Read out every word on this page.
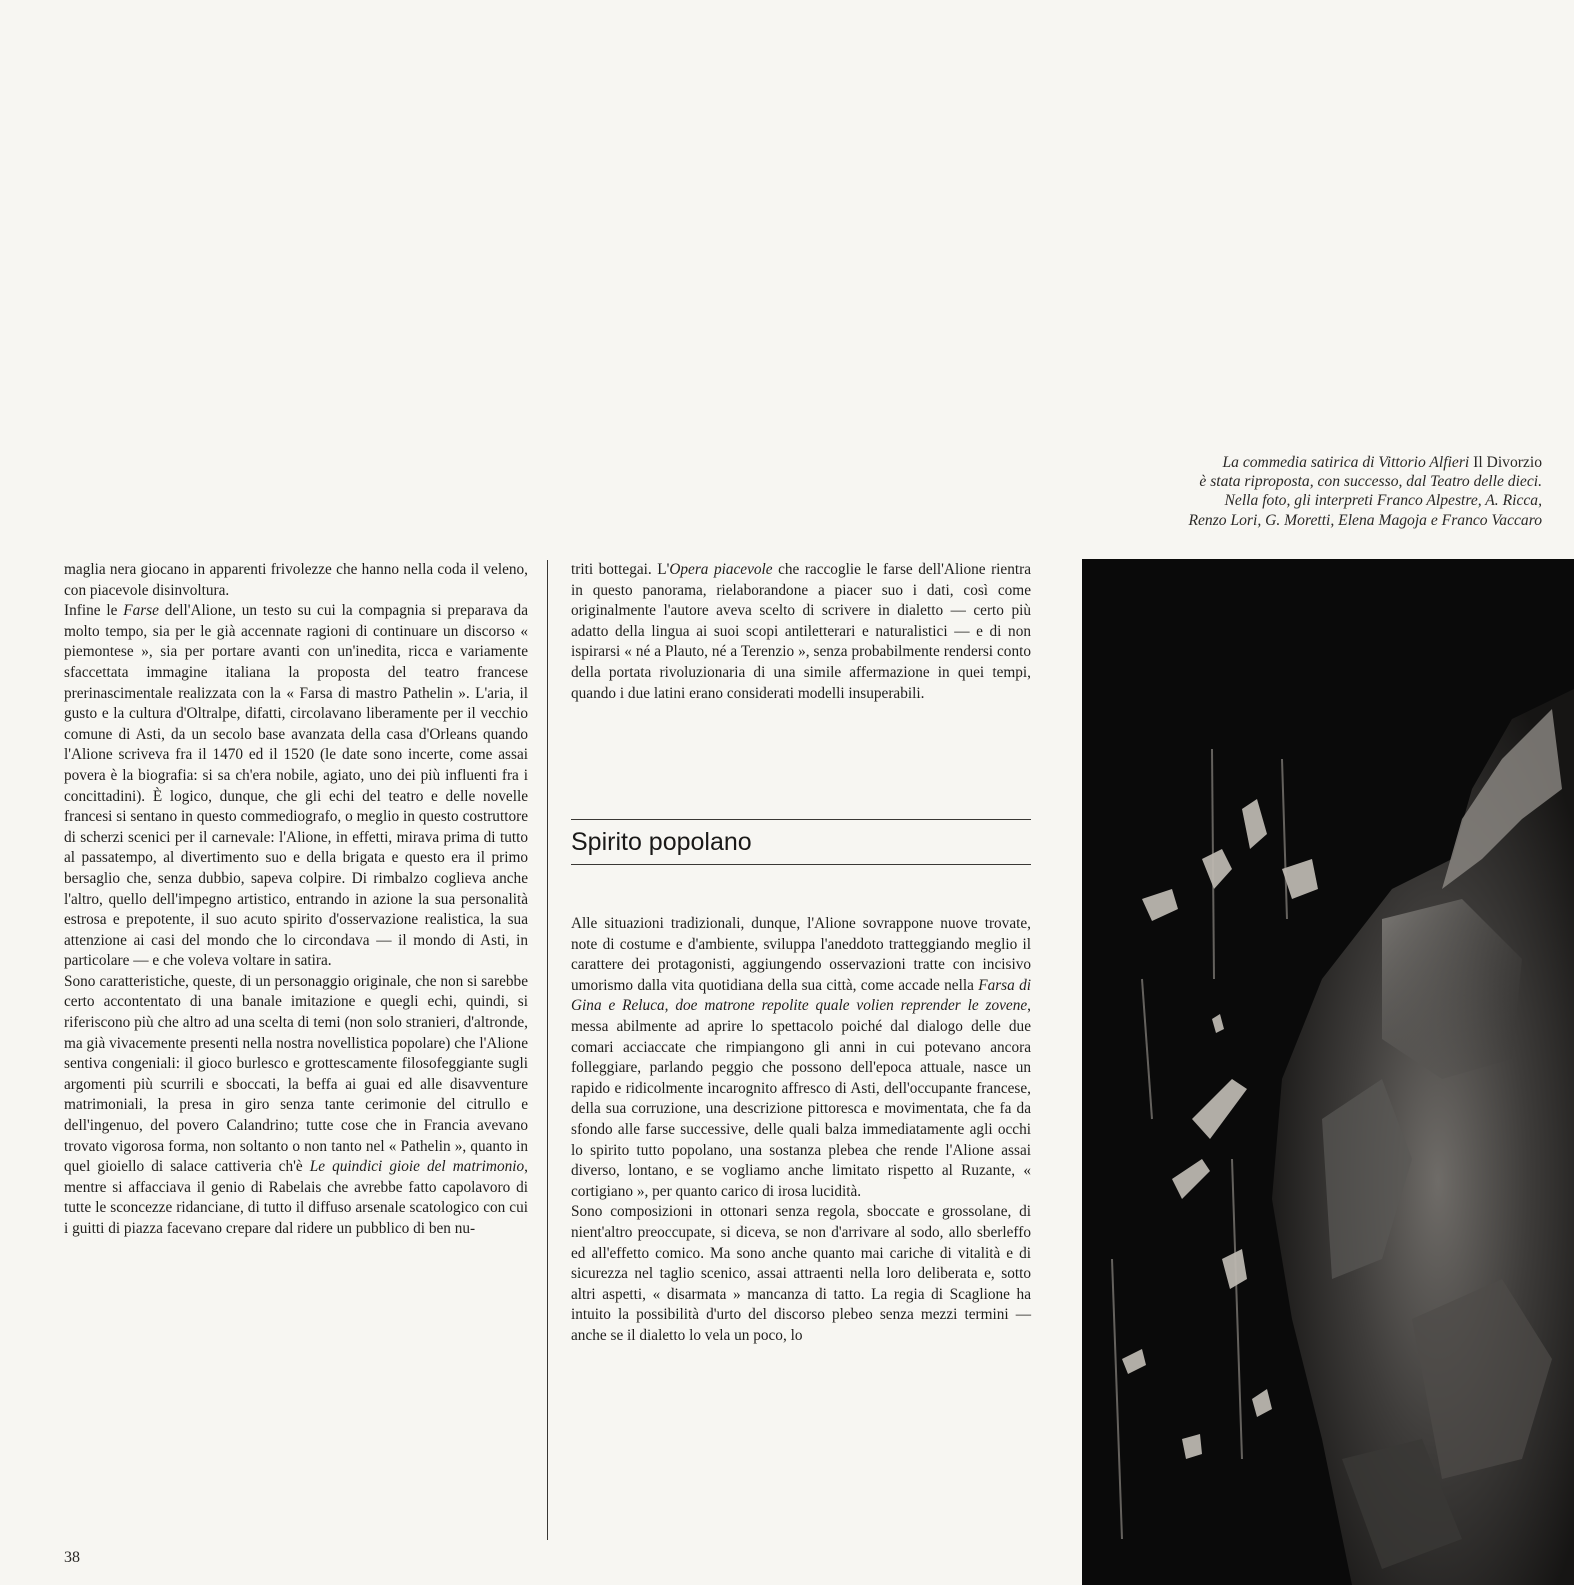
La commedia satirica di Vittorio Alfieri Il Divorzio
è stata riproposta, con successo, dal Teatro delle dieci.
Nella foto, gli interpreti Franco Alpestre, A. Ricca,
Renzo Lori, G. Moretti, Elena Magoja e Franco Vaccaro

maglia nera giocano in apparenti frivolezze che hanno nella coda il veleno, con piacevole disinvoltura.

Infine le Farse dell'Alione, un testo su cui la compagnia si preparava da molto tempo, sia per le già accennate ragioni di continuare un discorso « piemontese », sia per portare avanti con un'inedita, ricca e variamente sfaccettata immagine italiana la proposta del teatro francese prerinascimentale realizzata con la « Farsa di mastro Pathelin ». L'aria, il gusto e la cultura d'Oltralpe, difatti, circolavano liberamente per il vecchio comune di Asti, da un secolo base avanzata della casa d'Orleans quando l'Alione scriveva fra il 1470 ed il 1520 (le date sono incerte, come assai povera è la biografia: si sa ch'era nobile, agiato, uno dei più influenti fra i concittadini). È logico, dunque, che gli echi del teatro e delle novelle francesi si sentano in questo commediografo, o meglio in questo costruttore di scherzi scenici per il carnevale: l'Alione, in effetti, mirava prima di tutto al passatempo, al divertimento suo e della brigata e questo era il primo bersaglio che, senza dubbio, sapeva colpire. Di rimbalzo coglieva anche l'altro, quello dell'impegno artistico, entrando in azione la sua personalità estrosa e prepotente, il suo acuto spirito d'osservazione realistica, la sua attenzione ai casi del mondo che lo circondava — il mondo di Asti, in particolare — e che voleva voltare in satira.

Sono caratteristiche, queste, di un personaggio originale, che non si sarebbe certo accontentato di una banale imitazione e quegli echi, quindi, si riferiscono più che altro ad una scelta di temi (non solo stranieri, d'altronde, ma già vivacemente presenti nella nostra novellistica popolare) che l'Alione sentiva congeniali: il gioco burlesco e grottescamente filosofeggiante sugli argomenti più scurrili e sboccati, la beffa ai guai ed alle disavventure matrimoniali, la presa in giro senza tante cerimonie del citrullo e dell'ingenuo, del povero Calandrino; tutte cose che in Francia avevano trovato vigorosa forma, non soltanto o non tanto nel « Pathelin », quanto in quel gioiello di salace cattiveria ch'è Le quindici gioie del matrimonio, mentre si affacciava il genio di Rabelais che avrebbe fatto capolavoro di tutte le sconcezze ridanciane, di tutto il diffuso arsenale scatologico con cui i guitti di piazza facevano crepare dal ridere un pubblico di ben nu-

triti bottegai. L'Opera piacevole che raccoglie le farse dell'Alione rientra in questo panorama, rielaborandone a piacer suo i dati, così come originalmente l'autore aveva scelto di scrivere in dialetto — certo più adatto della lingua ai suoi scopi antiletterari e naturalistici — e di non ispirarsi « né a Plauto, né a Terenzio », senza probabilmente rendersi conto della portata rivoluzionaria di una simile affermazione in quei tempi, quando i due latini erano considerati modelli insuperabili.

Spirito popolano

Alle situazioni tradizionali, dunque, l'Alione sovrappone nuove trovate, note di costume e d'ambiente, sviluppa l'aneddoto tratteggiando meglio il carattere dei protagonisti, aggiungendo osservazioni tratte con incisivo umorismo dalla vita quotidiana della sua città, come accade nella Farsa di Gina e Reluca, doe matrone repolite quale volien reprender le zovene, messa abilmente ad aprire lo spettacolo poiché dal dialogo delle due comari acciaccate che rimpiangono gli anni in cui potevano ancora folleggiare, parlando peggio che possono dell'epoca attuale, nasce un rapido e ridicolmente incarognito affresco di Asti, dell'occupante francese, della sua corruzione, una descrizione pittoresca e movimentata, che fa da sfondo alle farse successive, delle quali balza immediatamente agli occhi lo spirito tutto popolano, una sostanza plebea che rende l'Alione assai diverso, lontano, e se vogliamo anche limitato rispetto al Ruzante, « cortigiano », per quanto carico di irosa lucidità.

Sono composizioni in ottonari senza regola, sboccate e grossolane, di nient'altro preoccupate, si diceva, se non d'arrivare al sodo, allo sberleffo ed all'effetto comico. Ma sono anche quanto mai cariche di vitalità e di sicurezza nel taglio scenico, assai attraenti nella loro deliberata e, sotto altri aspetti, « disarmata » mancanza di tatto. La regia di Scaglione ha intuito la possibilità d'urto del discorso plebeo senza mezzi termini — anche se il dialetto lo vela un poco, lo

38
